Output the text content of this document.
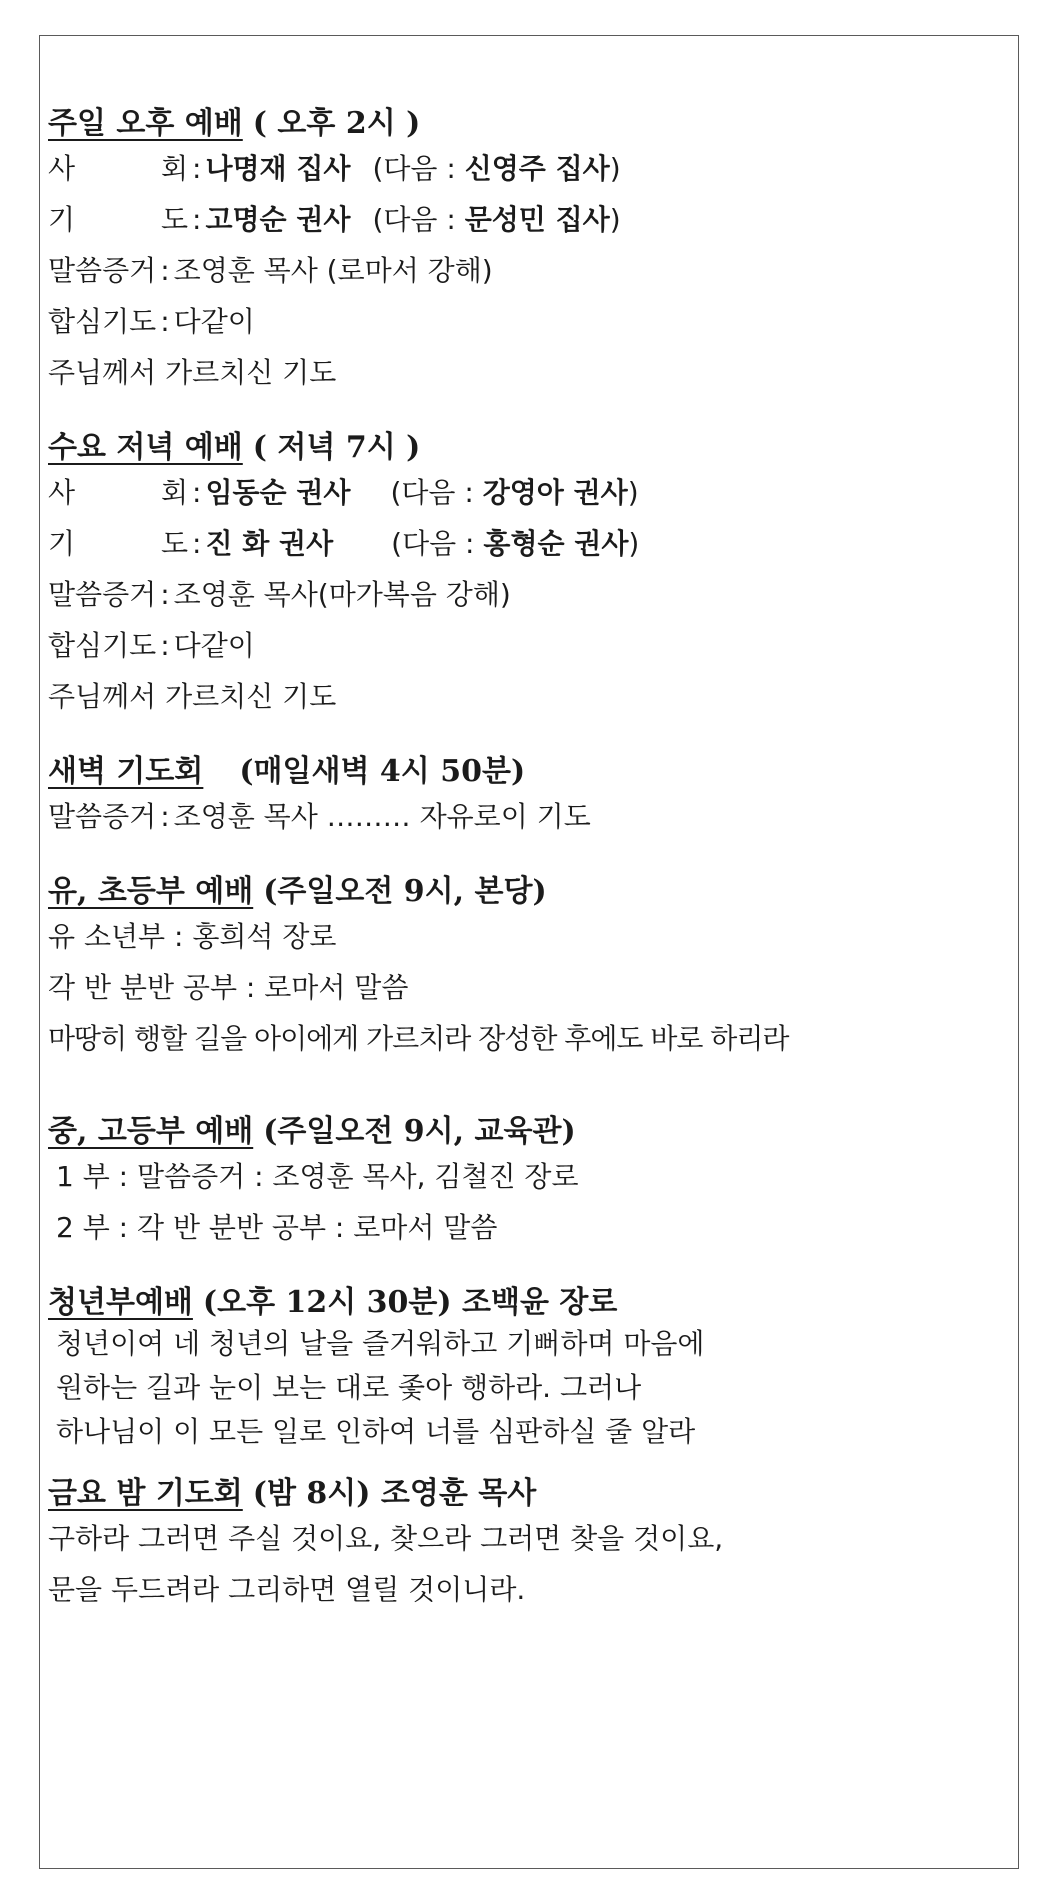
주일 오후 예배 ( 오후 2시 )

사	회 : 나명재 집사 (다음 : 신영주 집사)
기	도 : 고명순 권사 (다음 : 문성민 집사)
말씀증거 : 조영훈 목사 (로마서 강해)
합심기도 : 다같이
주님께서 가르치신 기도

수요 저녁 예배 ( 저녁 7시 )

사	회 : 임동순 권사 (다음 : 강영아 권사)
기	도 : 진 화 권사 (다음 : 홍형순 권사)
말씀증거 : 조영훈 목사(마가복음 강해)
합심기도 : 다같이
주님께서 가르치신 기도

새벽 기도회 (매일새벽 4시 50분)

말씀증거 : 조영훈 목사 ……… 자유로이 기도

유, 초등부 예배 (주일오전 9시, 본당)

유 소년부 : 홍희석 장로
각 반 분반 공부 : 로마서 말씀
마땅히 행할 길을 아이에게 가르치라 장성한 후에도 바로 하리라

중, 고등부 예배 (주일오전 9시, 교육관)

1 부 : 말씀증거 : 조영훈 목사, 김철진 장로
2 부 : 각 반 분반 공부 : 로마서 말씀

청년부예배 (오후 12시 30분) 조백윤 장로

청년이여 네 청년의 날을 즐거워하고 기뻐하며 마음에
원하는 길과 눈이 보는 대로 좇아 행하라. 그러나
하나님이 이 모든 일로 인하여 너를 심판하실 줄 알라

금요 밤 기도회 (밤 8시) 조영훈 목사

구하라 그러면 주실 것이요, 찾으라 그러면 찾을 것이요,
문을 두드려라 그리하면 열릴 것이니라.
